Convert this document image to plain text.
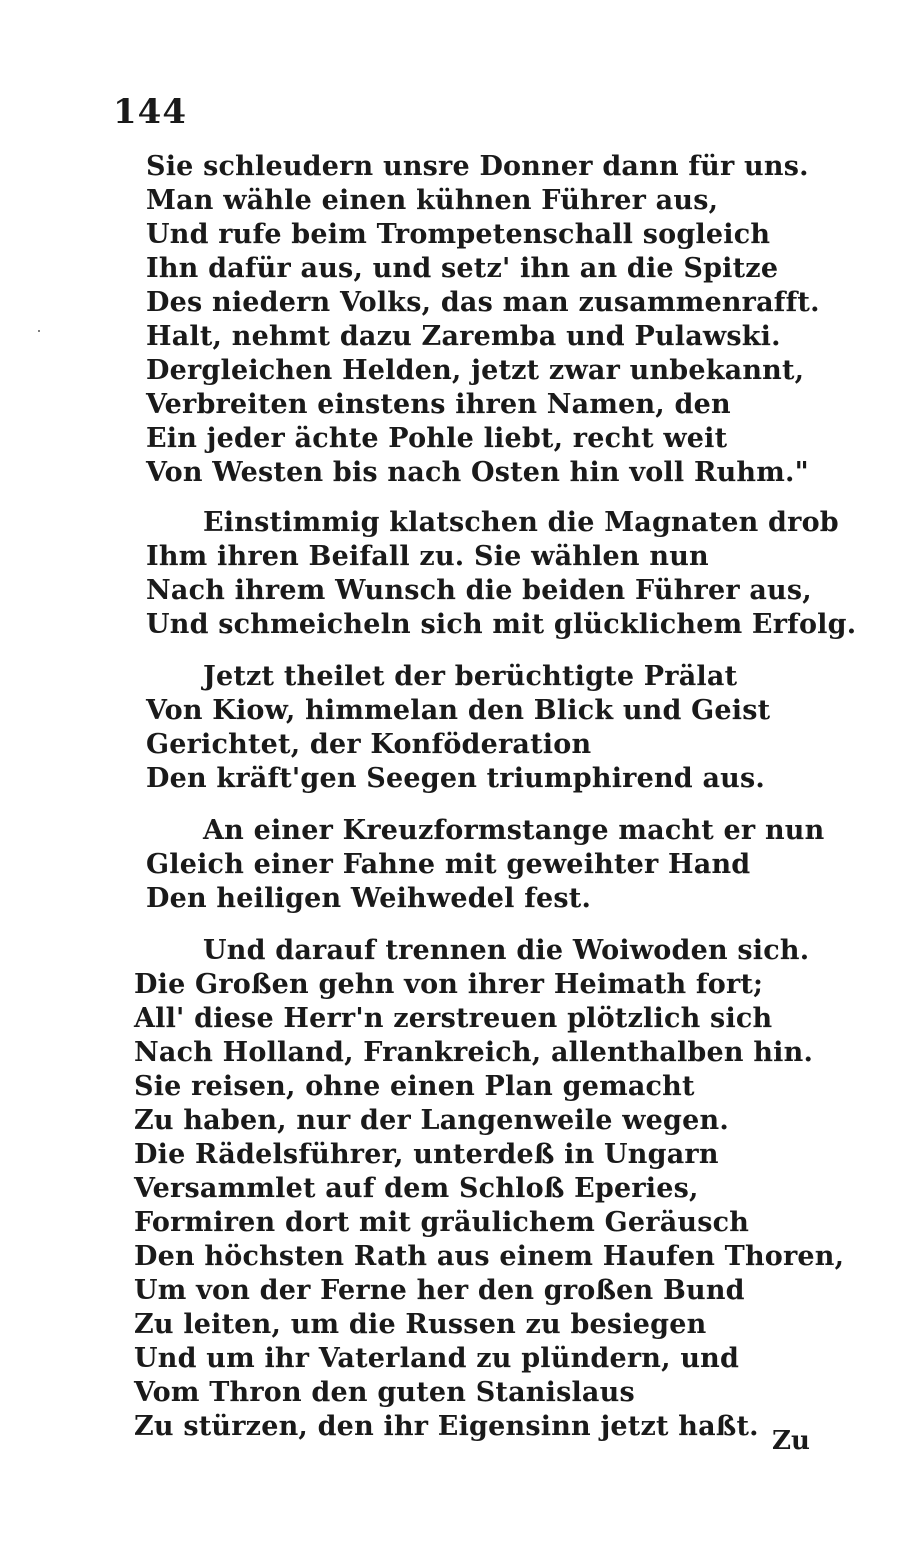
144
Sie schleudern unsre Donner dann für uns.
Man wähle einen kühnen Führer aus,
Und rufe beim Trompetenschall sogleich
Ihn dafür aus, und setz' ihn an die Spitze
Des niedern Volks, das man zusammenrafft.
Halt, nehmt dazu Zaremba und Pulawski.
Dergleichen Helden, jetzt zwar unbekannt,
Verbreiten einstens ihren Namen, den
Ein jeder ächte Pohle liebt, recht weit
Von Westen bis nach Osten hin voll Ruhm."
Einstimmig klatschen die Magnaten drob
Ihm ihren Beifall zu. Sie wählen nun
Nach ihrem Wunsch die beiden Führer aus,
Und schmeicheln sich mit glücklichem Erfolg.
Jetzt theilet der berüchtigte Prälat
Von Kiow, himmelan den Blick und Geist
Gerichtet, der Konföderation
Den kräft'gen Seegen triumphirend aus.
An einer Kreuzformstange macht er nun
Gleich einer Fahne mit geweihter Hand
Den heiligen Weihwedel fest.
Und darauf trennen die Woiwoden sich.
Die Großen gehn von ihrer Heimath fort;
All' diese Herr'n zerstreuen plötzlich sich
Nach Holland, Frankreich, allenthalben hin.
Sie reisen, ohne einen Plan gemacht
Zu haben, nur der Langenweile wegen.
Die Rädelsführer, unterdeß in Ungarn
Versammlet auf dem Schloß Eperies,
Formiren dort mit gräulichem Geräusch
Den höchsten Rath aus einem Haufen Thoren,
Um von der Ferne her den großen Bund
Zu leiten, um die Russen zu besiegen
Und um ihr Vaterland zu plündern, und
Vom Thron den guten Stanislaus
Zu stürzen, den ihr Eigensinn jetzt haßt. Zu
